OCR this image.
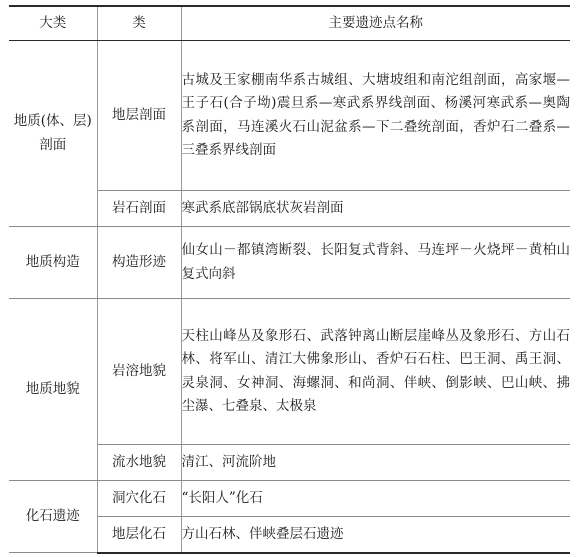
大类	类	主要遗迹点名称
地质(体、层)剖面	地层剖面	古城及王家棚南华系古城组、大塘坡组和南沱组剖面，高家堰—王子石(合子坳)震旦系—寒武系界线剖面、杨溪河寒武系—奥陶系剖面，马连溪火石山泥盆系—下二叠统剖面，香炉石二叠系—三叠系界线剖面
	岩石剖面	寒武系底部锅底状灰岩剖面
地质构造	构造形迹	仙女山－都镇湾断裂、长阳复式背斜、马连坪－火烧坪－黄柏山复式向斜
地质地貌	岩溶地貌	天柱山峰丛及象形石、武落钟离山断层崖峰丛及象形石、方山石林、将军山、清江大佛象形山、香炉石石柱、巴王洞、禹王洞、灵泉洞、女神洞、海螺洞、和尚洞、伴峡、倒影峡、巴山峡、拂尘瀑、七叠泉、太极泉
	流水地貌	清江、河流阶地
化石遗迹	洞穴化石	“长阳人”化石
	地层化石	方山石林、伴峡叠层石遗迹
